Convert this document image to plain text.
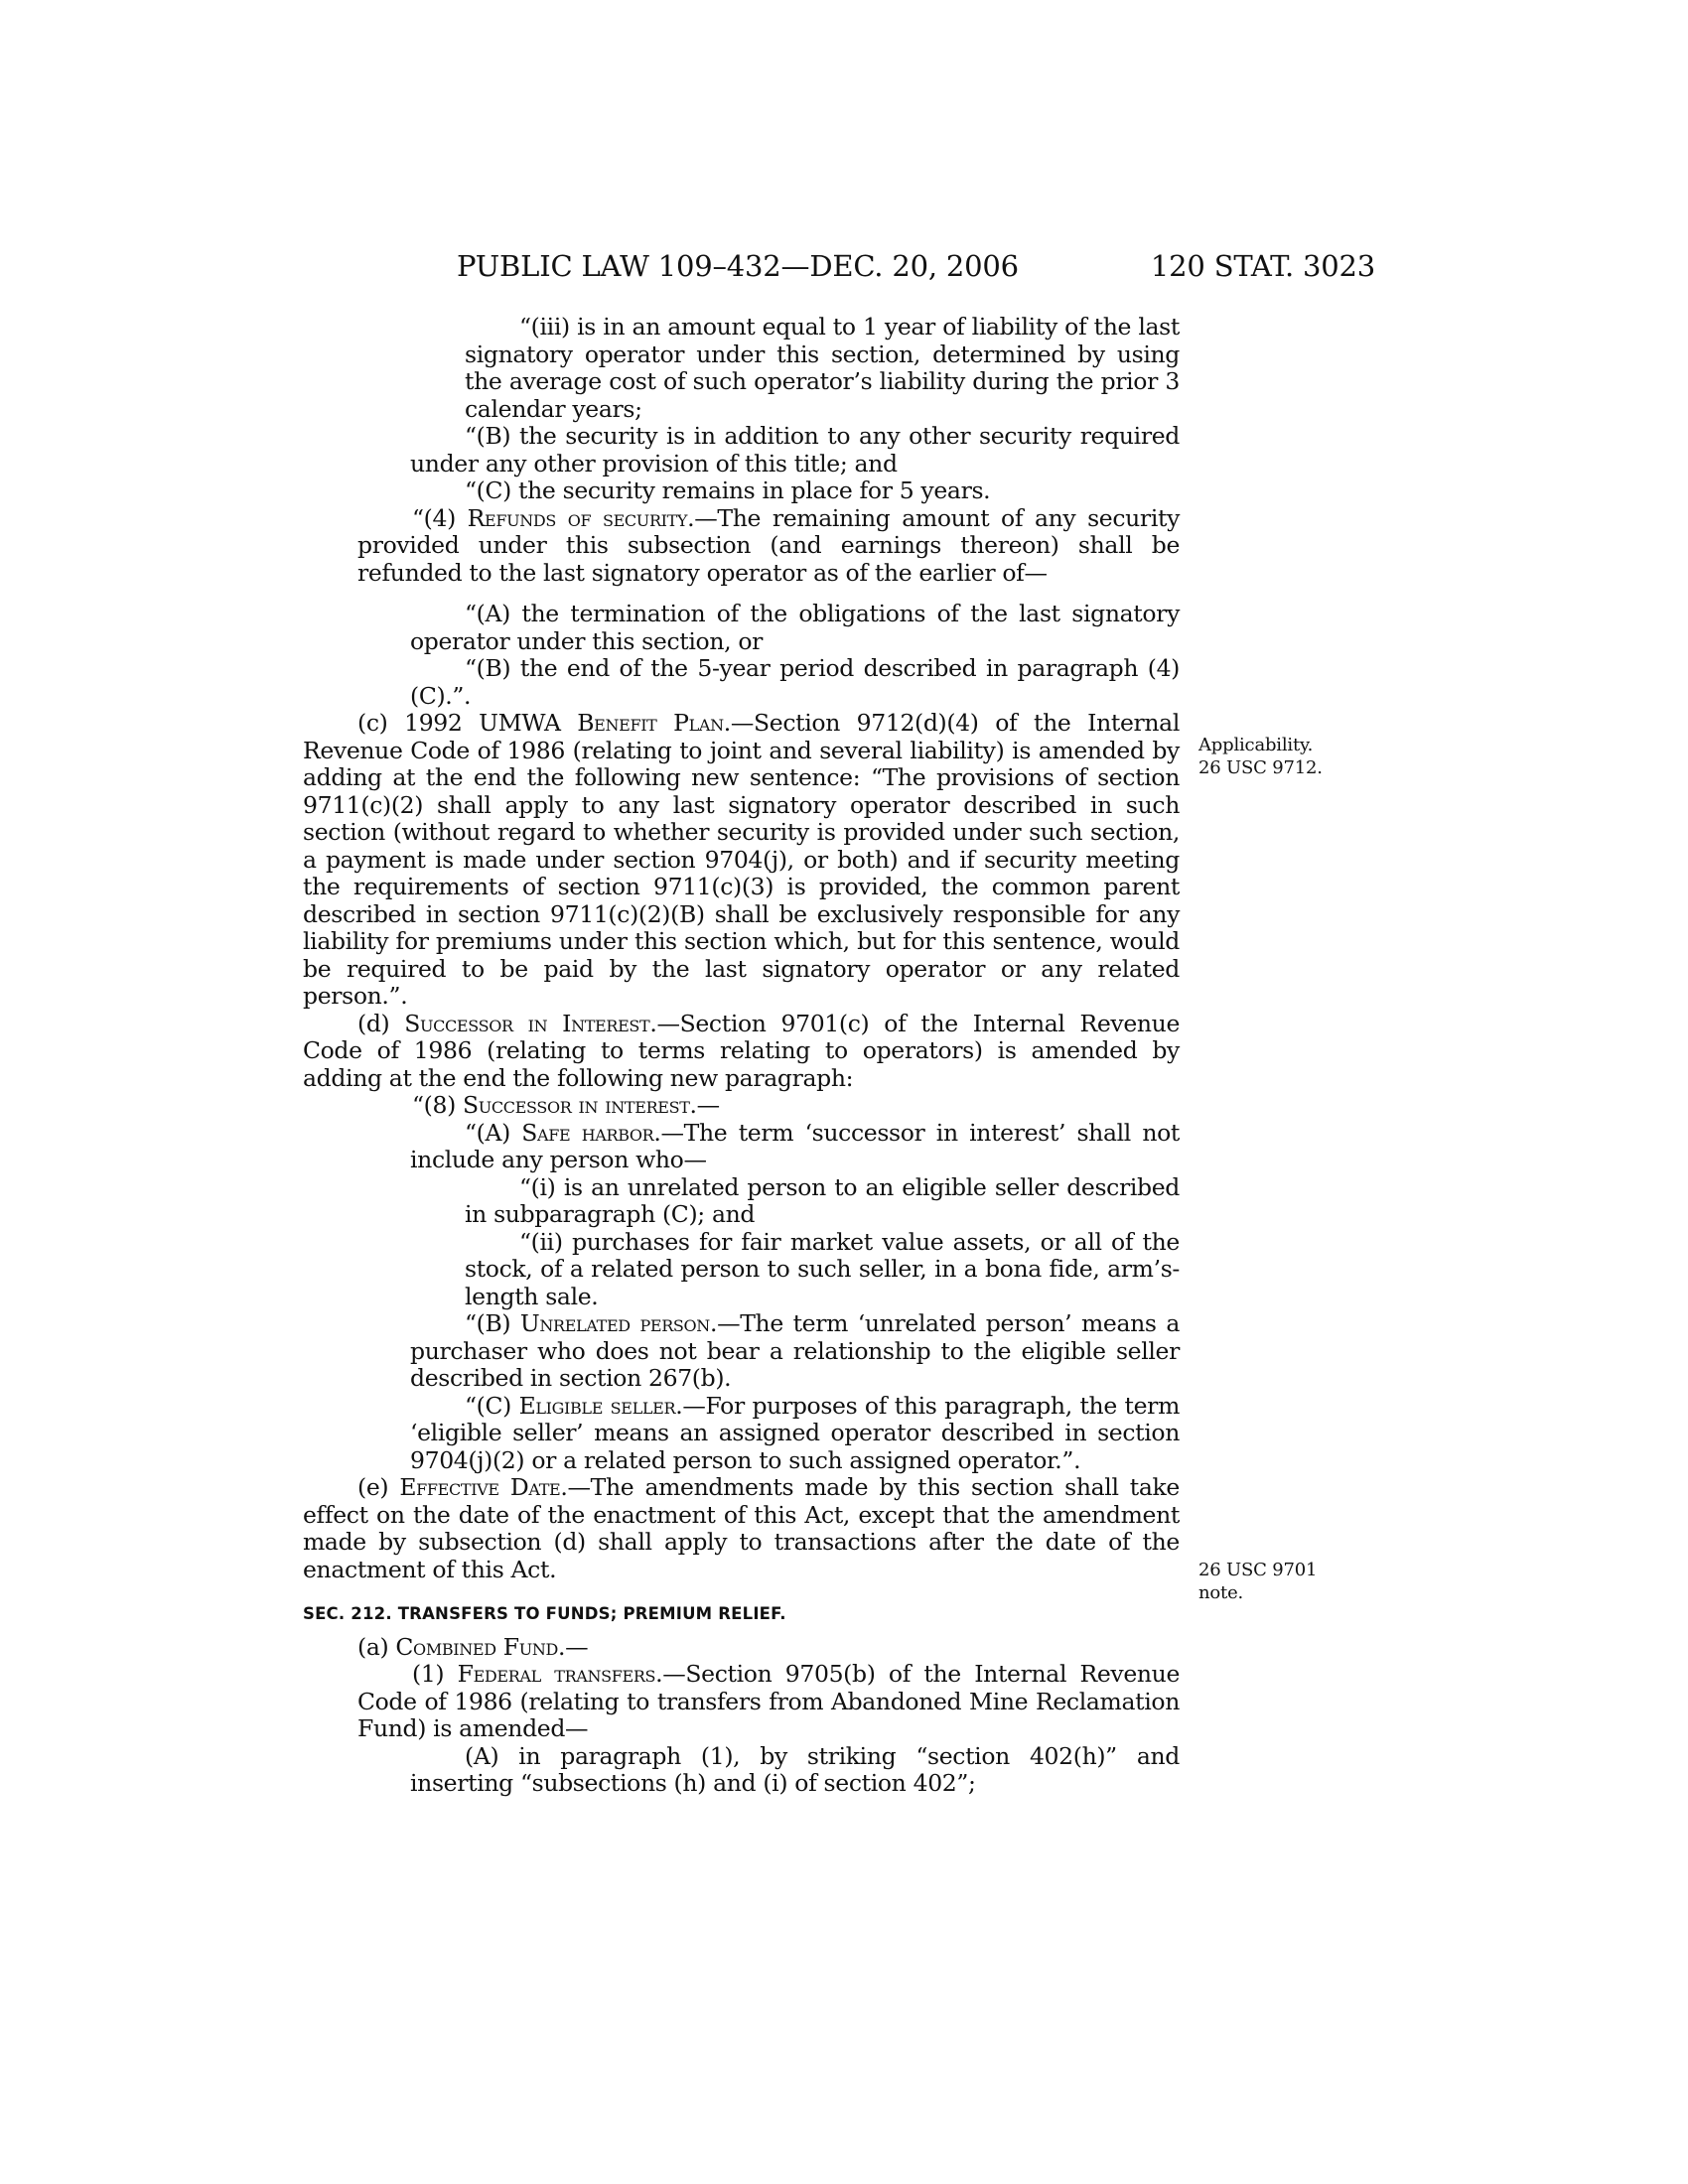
PUBLIC LAW 109–432—DEC. 20, 2006	120 STAT. 3023
Applicability.
26 USC 9712.
26 USC 9701
note.

“(iii) is in an amount equal to 1 year of liability of the last signatory operator under this section, determined by using the average cost of such operator’s liability during the prior 3 calendar years;

“(B) the security is in addition to any other security required under any other provision of this title; and

“(C) the security remains in place for 5 years.

“(4) Refunds of security.—The remaining amount of any security provided under this subsection (and earnings thereon) shall be refunded to the last signatory operator as of the earlier of—

“(A) the termination of the obligations of the last signatory operator under this section, or

“(B) the end of the 5-year period described in paragraph (4)(C).”.

(c) 1992 UMWA Benefit Plan.—Section 9712(d)(4) of the Internal Revenue Code of 1986 (relating to joint and several liability) is amended by adding at the end the following new sentence: “The provisions of section 9711(c)(2) shall apply to any last signatory operator described in such section (without regard to whether security is provided under such section, a payment is made under section 9704(j), or both) and if security meeting the requirements of section 9711(c)(3) is provided, the common parent described in section 9711(c)(2)(B) shall be exclusively responsible for any liability for premiums under this section which, but for this sentence, would be required to be paid by the last signatory operator or any related person.”.

(d) Successor in Interest.—Section 9701(c) of the Internal Revenue Code of 1986 (relating to terms relating to operators) is amended by adding at the end the following new paragraph:

“(8) Successor in interest.—

“(A) Safe harbor.—The term ‘successor in interest’ shall not include any person who—

“(i) is an unrelated person to an eligible seller described in subparagraph (C); and

“(ii) purchases for fair market value assets, or all of the stock, of a related person to such seller, in a bona fide, arm’s-length sale.

“(B) Unrelated person.—The term ‘unrelated person’ means a purchaser who does not bear a relationship to the eligible seller described in section 267(b).

“(C) Eligible seller.—For purposes of this paragraph, the term ‘eligible seller’ means an assigned operator described in section 9704(j)(2) or a related person to such assigned operator.”.

(e) Effective Date.—The amendments made by this section shall take effect on the date of the enactment of this Act, except that the amendment made by subsection (d) shall apply to transactions after the date of the enactment of this Act.

SEC. 212. TRANSFERS TO FUNDS; PREMIUM RELIEF.

(a) Combined Fund.—

(1) Federal transfers.—Section 9705(b) of the Internal Revenue Code of 1986 (relating to transfers from Abandoned Mine Reclamation Fund) is amended—

(A) in paragraph (1), by striking “section 402(h)” and inserting “subsections (h) and (i) of section 402”;
